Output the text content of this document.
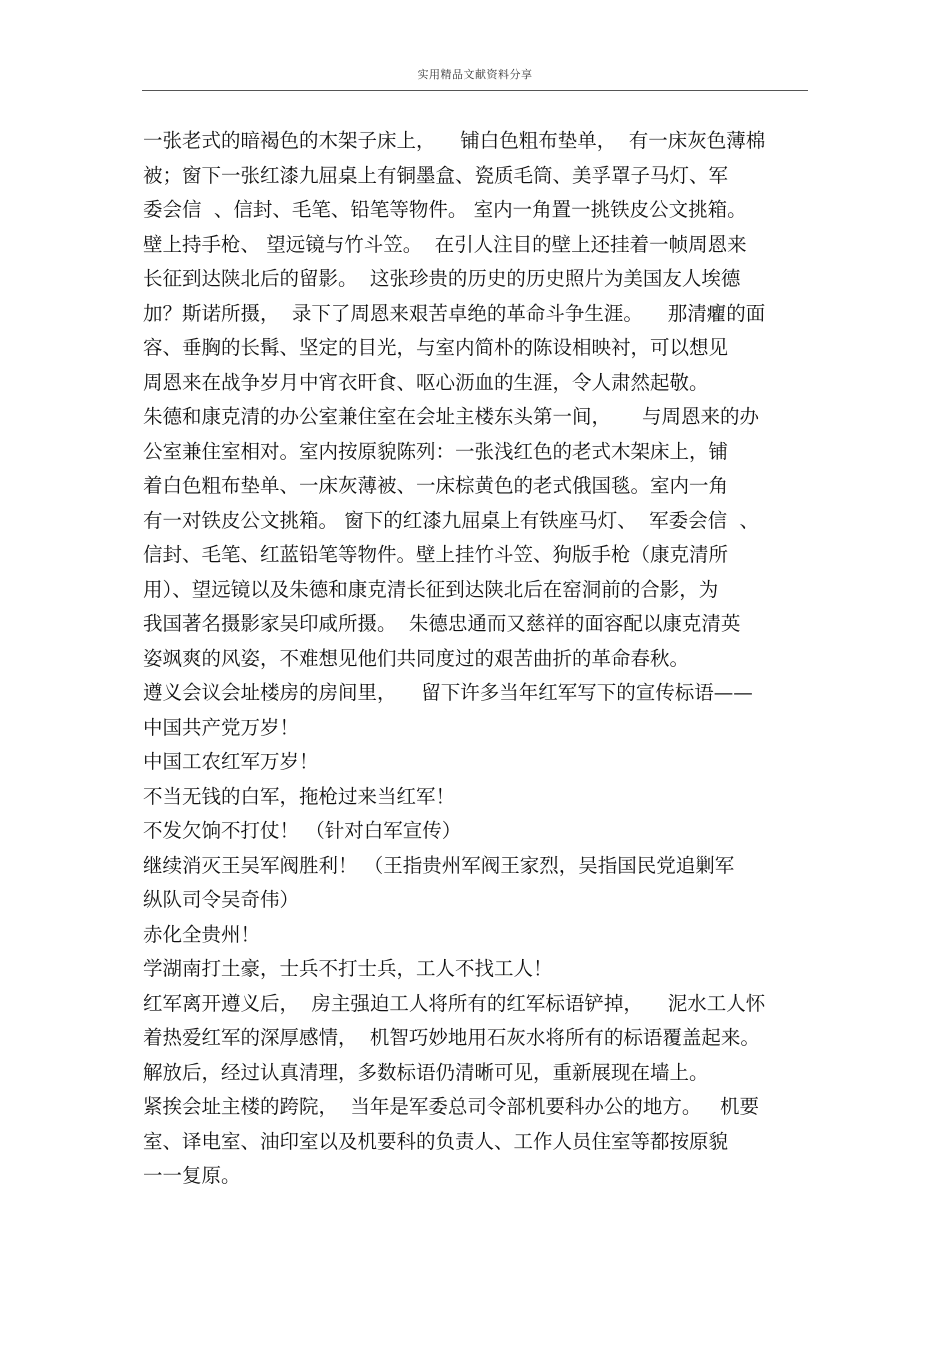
实用精品文献资料分享
一张老式的暗褐色的木架子床上，    铺白色粗布垫单，  有一床灰色薄棉
被；窗下一张红漆九屈桌上有铜墨盒、瓷质毛筒、美孚罩子马灯、军
委会信  、信封、毛笔、铅笔等物件。 室内一角置一挑铁皮公文挑箱。
壁上持手枪、 望远镜与竹斗笠。  在引人注目的壁上还挂着一帧周恩来
长征到达陕北后的留影。  这张珍贵的历史的历史照片为美国友人埃德
加？斯诺所摄，  录下了周恩来艰苦卓绝的革命斗争生涯。    那清癯的面
容、垂胸的长髯、坚定的目光，与室内简朴的陈设相映衬，可以想见
周恩来在战争岁月中宵衣旰食、呕心沥血的生涯，令人肃然起敬。
朱德和康克清的办公室兼住室在会址主楼东头第一间，     与周恩来的办
公室兼住室相对。室内按原貌陈列：一张浅红色的老式木架床上，铺
着白色粗布垫单、一床灰薄被、一床棕黄色的老式俄国毯。室内一角
有一对铁皮公文挑箱。 窗下的红漆九屈桌上有铁座马灯、  军委会信  、
信封、毛笔、红蓝铅笔等物件。壁上挂竹斗笠、狗版手枪（康克清所
用）、望远镜以及朱德和康克清长征到达陕北后在窑洞前的合影，为
我国著名摄影家吴印咸所摄。  朱德忠通而又慈祥的面容配以康克清英
姿飒爽的风姿，不难想见他们共同度过的艰苦曲折的革命春秋。
遵义会议会址楼房的房间里，    留下许多当年红军写下的宣传标语——
中国共产党万岁！
中国工农红军万岁！
不当无钱的白军，拖枪过来当红军！
不发欠饷不打仗！ （针对白军宣传）
继续消灭王吴军阀胜利！ （王指贵州军阀王家烈，吴指国民党追剿军
纵队司令吴奇伟）
赤化全贵州！
学湖南打土豪，士兵不打士兵，工人不找工人！
红军离开遵义后，  房主强迫工人将所有的红军标语铲掉，    泥水工人怀
着热爱红军的深厚感情，  机智巧妙地用石灰水将所有的标语覆盖起来。
解放后，经过认真清理，多数标语仍清晰可见，重新展现在墙上。
紧挨会址主楼的跨院，  当年是军委总司令部机要科办公的地方。   机要
室、译电室、油印室以及机要科的负责人、工作人员住室等都按原貌
一一复原。
